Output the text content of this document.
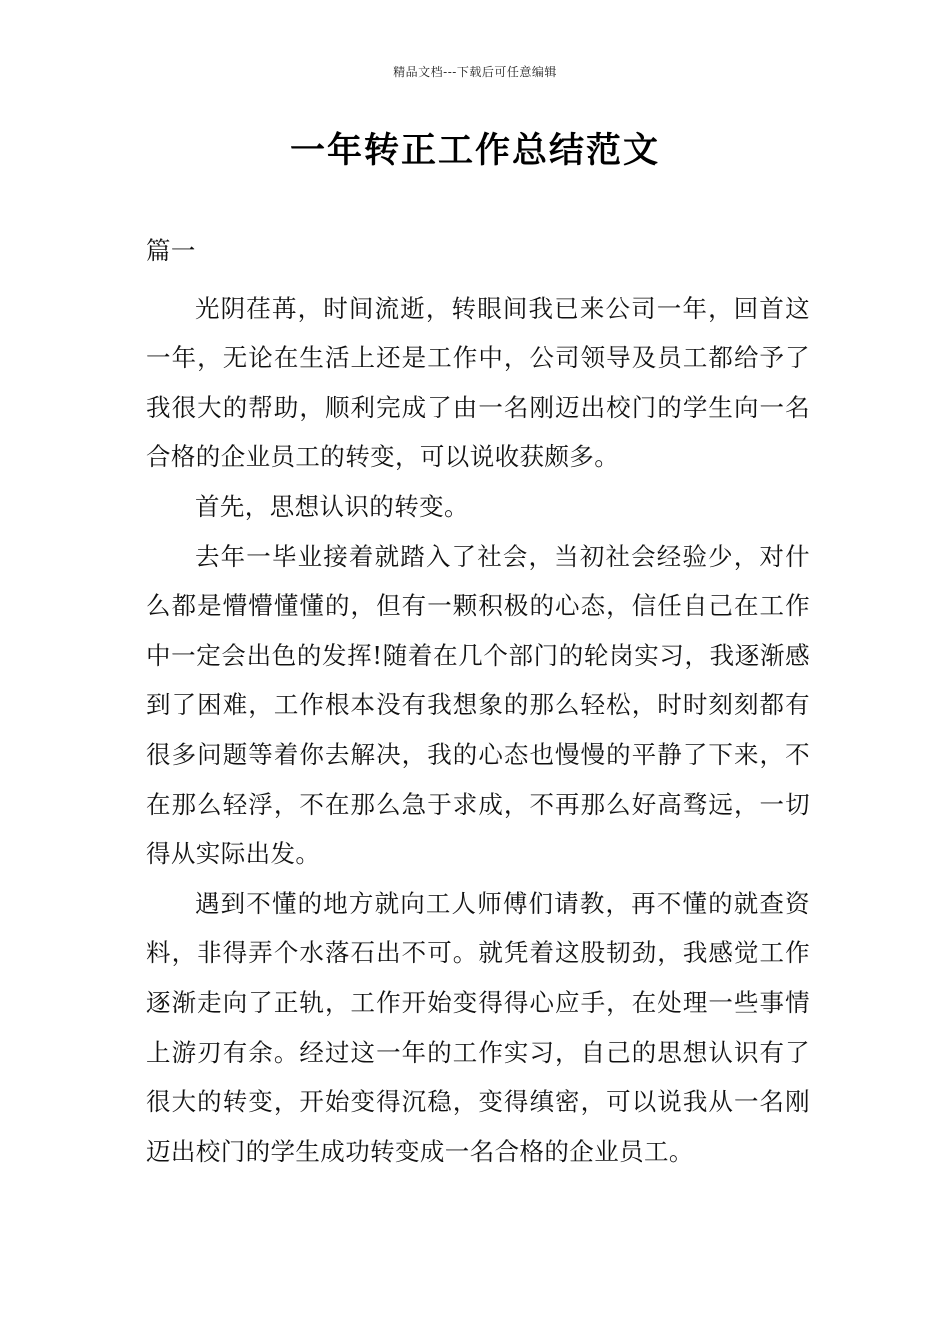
精品文档---下载后可任意编辑
一年转正工作总结范文

篇一

光阴荏苒，时间流逝，转眼间我已来公司一年，回首这一年，无论在生活上还是工作中，公司领导及员工都给予了我很大的帮助，顺利完成了由一名刚迈出校门的学生向一名合格的企业员工的转变，可以说收获颇多。

首先，思想认识的转变。

去年一毕业接着就踏入了社会，当初社会经验少，对什么都是懵懵懂懂的，但有一颗积极的心态，信任自己在工作中一定会出色的发挥!随着在几个部门的轮岗实习，我逐渐感到了困难，工作根本没有我想象的那么轻松，时时刻刻都有很多问题等着你去解决，我的心态也慢慢的平静了下来，不在那么轻浮，不在那么急于求成，不再那么好高骛远，一切得从实际出发。

遇到不懂的地方就向工人师傅们请教，再不懂的就查资料，非得弄个水落石出不可。就凭着这股韧劲，我感觉工作逐渐走向了正轨，工作开始变得得心应手，在处理一些事情上游刃有余。经过这一年的工作实习，自己的思想认识有了很大的转变，开始变得沉稳，变得缜密，可以说我从一名刚迈出校门的学生成功转变成一名合格的企业员工。
